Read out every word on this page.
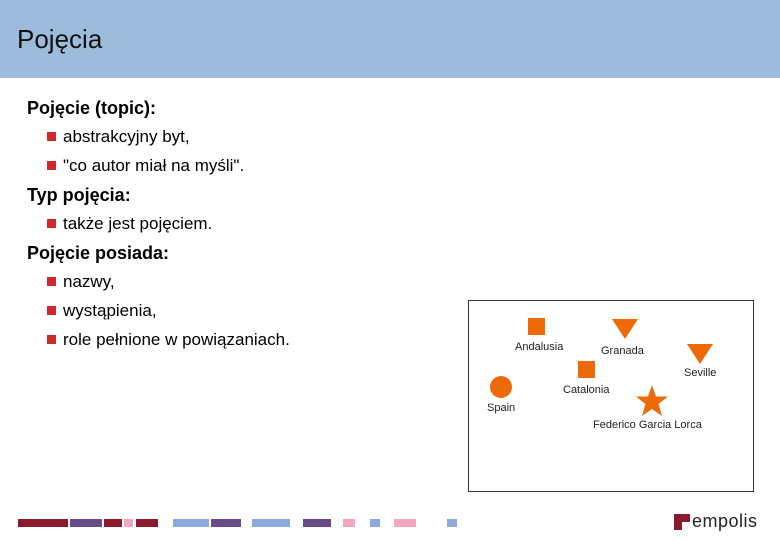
Pojęcia
Pojęcie (topic):
abstrakcyjny byt,
"co autor miał na myśli".
Typ pojęcia:
także jest pojęciem.
Pojęcie posiada:
nazwy,
wystąpienia,
role pełnione w powiązaniach.	Andalusia	Granada
Seville
Spain
Catalonia
Federico Garcia Lorca
empolis
